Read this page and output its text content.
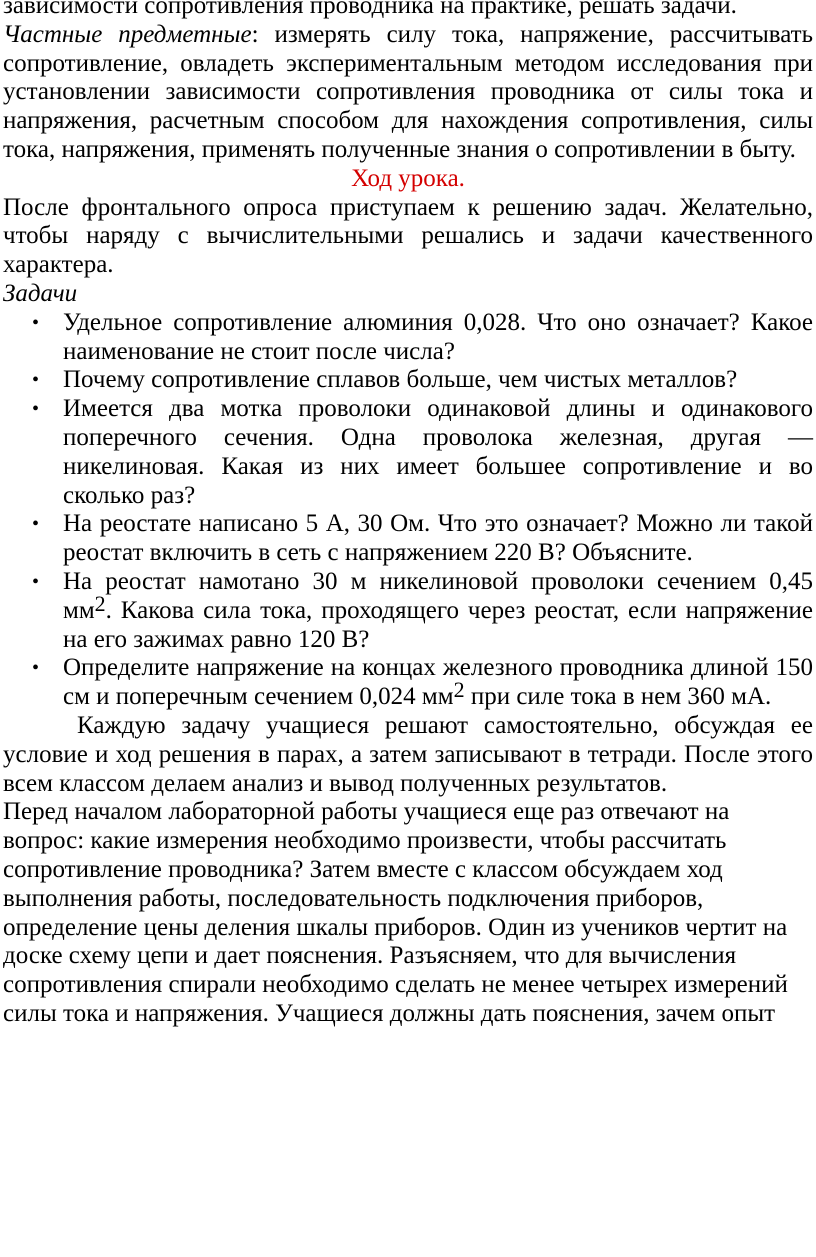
зависимости сопротивления проводника на практике, решать задачи.

Частные предметные: измерять силу тока, напряжение, рассчитывать сопротивление, овладеть экспериментальным методом исследования при установлении зависимости сопротивления проводника от силы тока и напряжения, расчетным способом для нахождения сопротивления, силы тока, напряжения, применять полученные знания о сопротивлении в быту.

Ход урока.

После фронтального опроса приступаем к решению задач. Желательно, чтобы наряду с вычислительными решались и задачи качественного характера.

Задачи

• Удельное сопротивление алюминия 0,028. Что оно означает? Какое наименование не стоит после числа?
• Почему сопротивление сплавов больше, чем чистых металлов?
• Имеется два мотка проволоки одинаковой длины и одинакового поперечного сечения. Одна проволока железная, другая — никелиновая. Какая из них имеет большее сопротивление и во сколько раз?
• На реостате написано 5 А, 30 Ом. Что это означает? Можно ли такой реостат включить в сеть с напряжением 220 В? Объясните.
• На реостат намотано 30 м никелиновой проволоки сечением 0,45 $мм^2$. Какова сила тока, проходящего через реостат, если напряжение на его зажимах равно 120 В?
• Определите напряжение на концах железного проводника длиной 150 см и поперечным сечением 0,024 $мм^2$ при силе тока в нем 360 мА.

Каждую задачу учащиеся решают самостоятельно, обсуждая ее условие и ход решения в парах, а затем записывают в тетради. После этого всем классом делаем анализ и вывод полученных результатов.

Перед началом лабораторной работы учащиеся еще раз отвечают на вопрос: какие измерения необходимо произвести, чтобы рассчитать сопротивление проводника? Затем вместе с классом обсуждаем ход выполнения работы, последовательность подключения приборов, определение цены деления шкалы приборов. Один из учеников чертит на доске схему цепи и дает пояснения. Разъясняем, что для вычисления сопротивления спирали необходимо сделать не менее четырех измерений силы тока и напряжения. Учащиеся должны дать пояснения, зачем опыт
